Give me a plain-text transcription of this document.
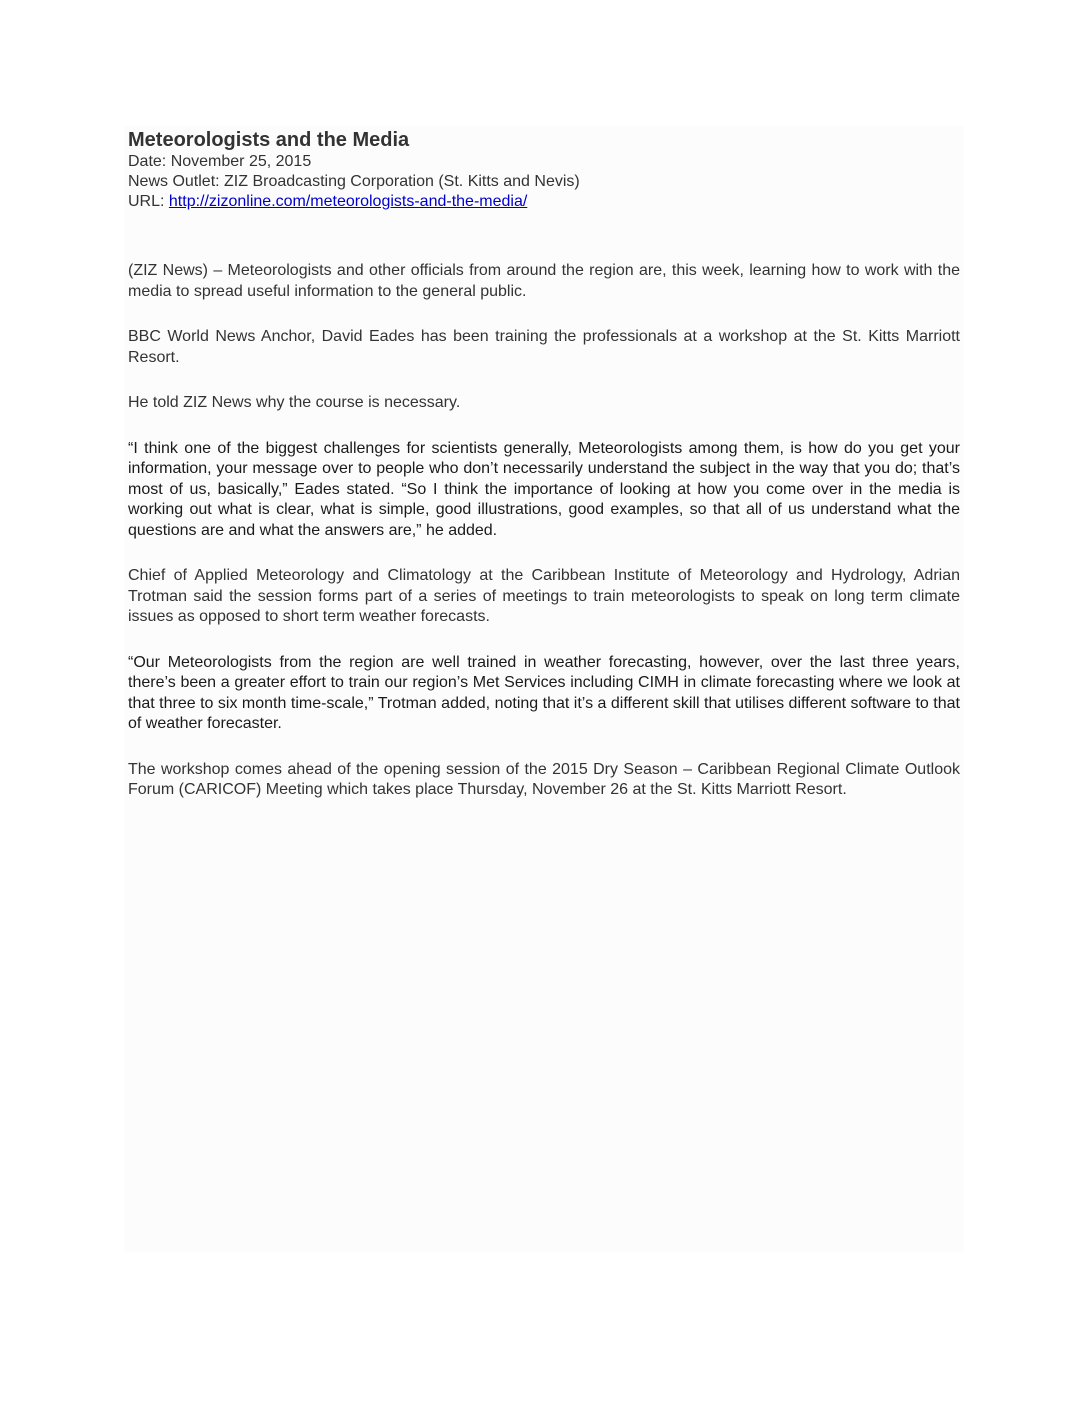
Meteorologists and the Media

Date: November 25, 2015

News Outlet: ZIZ Broadcasting Corporation (St. Kitts and Nevis)

URL: http://zizonline.com/meteorologists-and-the-media/

(ZIZ News) – Meteorologists and other officials from around the region are, this week, learning how to work with the media to spread useful information to the general public.

BBC World News Anchor, David Eades has been training the professionals at a workshop at the St. Kitts Marriott Resort.

He told ZIZ News why the course is necessary.

“I think one of the biggest challenges for scientists generally, Meteorologists among them, is how do you get your information, your message over to people who don’t necessarily understand the subject in the way that you do; that’s most of us, basically,” Eades stated. “So I think the importance of looking at how you come over in the media is working out what is clear, what is simple, good illustrations, good examples, so that all of us understand what the questions are and what the answers are,” he added.

Chief of Applied Meteorology and Climatology at the Caribbean Institute of Meteorology and Hydrology, Adrian Trotman said the session forms part of a series of meetings to train meteorologists to speak on long term climate issues as opposed to short term weather forecasts.

“Our Meteorologists from the region are well trained in weather forecasting, however, over the last three years, there’s been a greater effort to train our region’s Met Services including CIMH in climate forecasting where we look at that three to six month time-scale,” Trotman added, noting that it’s a different skill that utilises different software to that of weather forecaster.

The workshop comes ahead of the opening session of the 2015 Dry Season – Caribbean Regional Climate Outlook Forum (CARICOF) Meeting which takes place Thursday, November 26 at the St. Kitts Marriott Resort.
